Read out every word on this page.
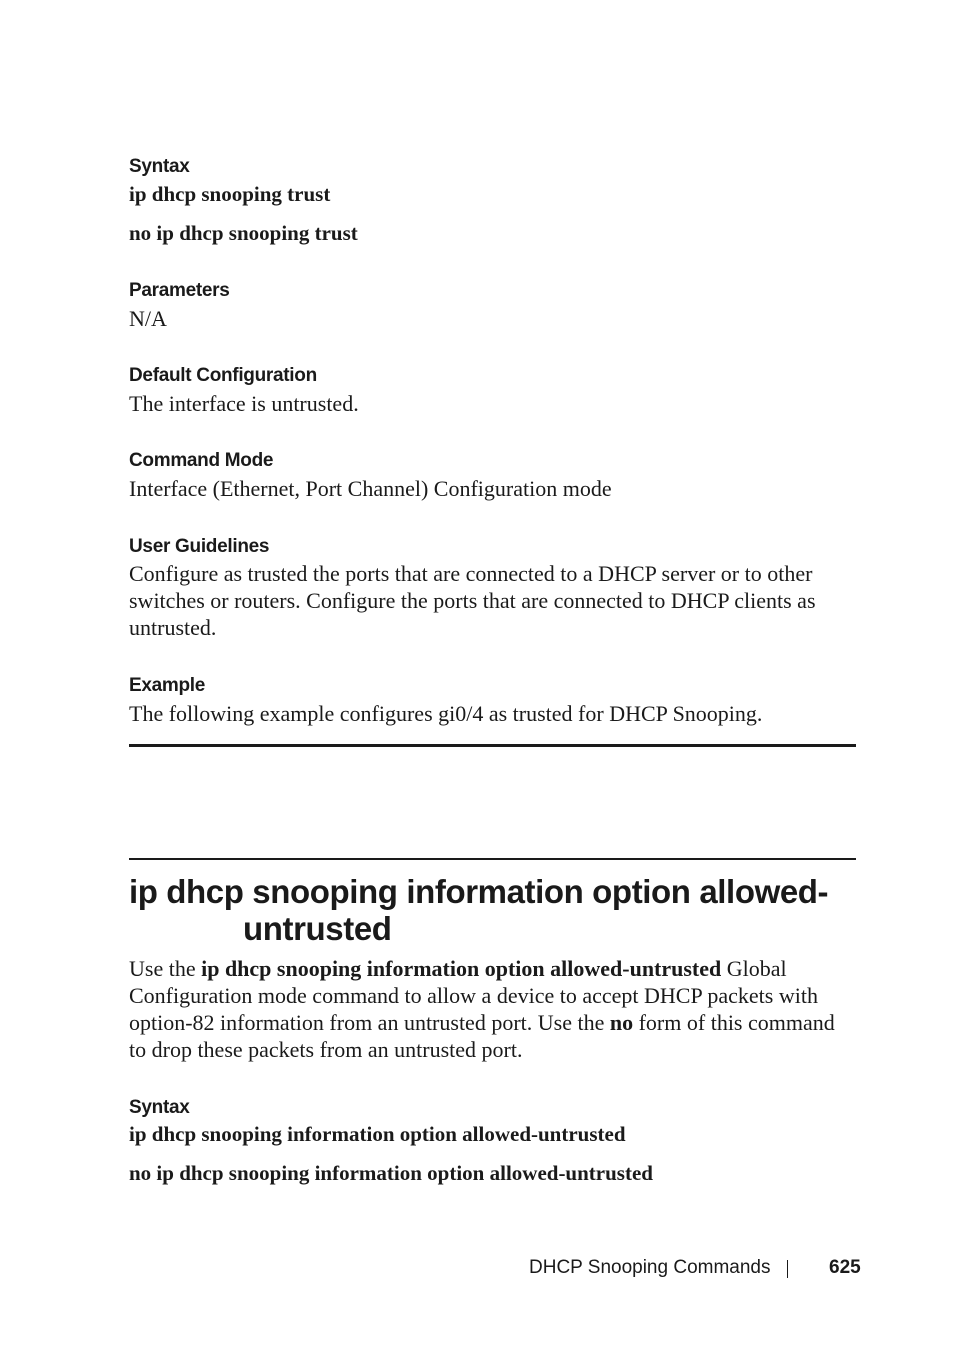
Syntax

ip dhcp snooping trust

no ip dhcp snooping trust

Parameters

N/A

Default Configuration

The interface is untrusted.

Command Mode

Interface (Ethernet, Port Channel) Configuration mode

User Guidelines

Configure as trusted the ports that are connected to a DHCP server or to other switches or routers. Configure the ports that are connected to DHCP clients as untrusted.

Example

The following example configures gi0/4 as trusted for DHCP Snooping.

ip dhcp snooping information option allowed-
untrusted

Use the ip dhcp snooping information option allowed-untrusted Global Configuration mode command to allow a device to accept DHCP packets with option-82 information from an untrusted port. Use the no form of this command to drop these packets from an untrusted port.

Syntax

ip dhcp snooping information option allowed-untrusted

no ip dhcp snooping information option allowed-untrusted

DHCP Snooping Commands	625
